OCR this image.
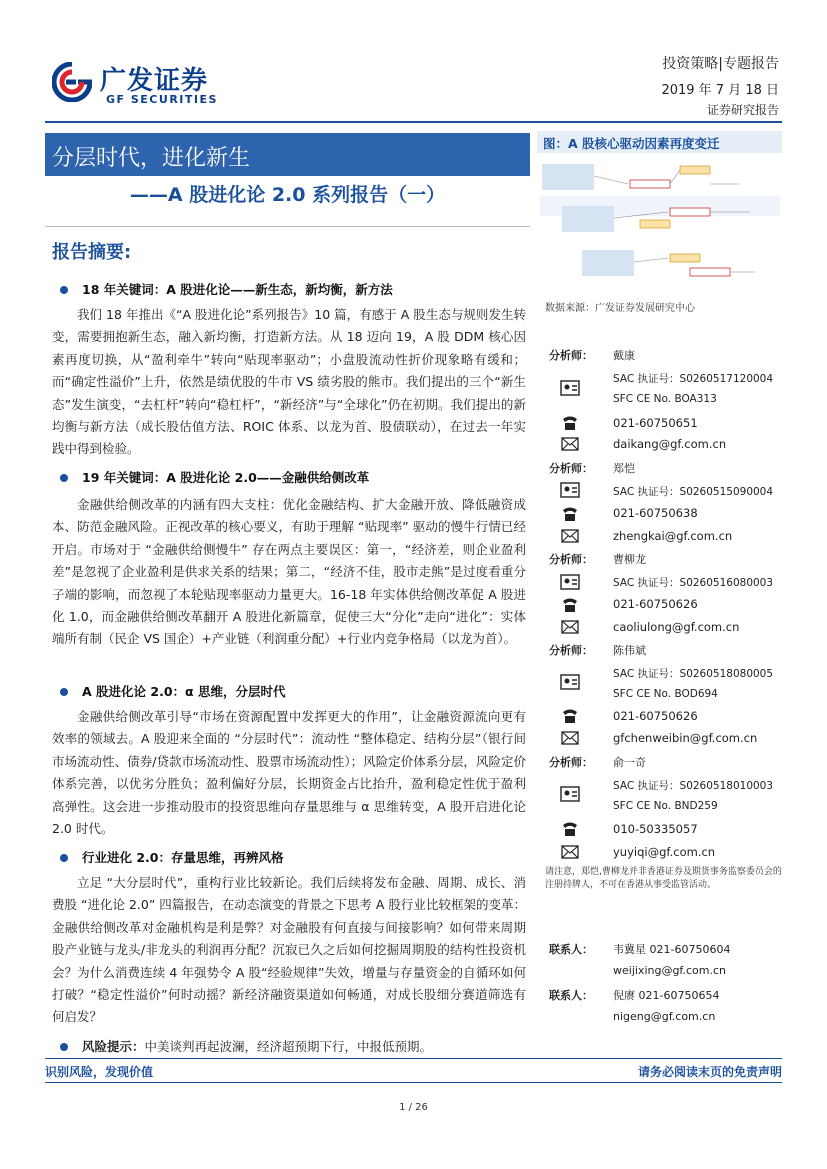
广发证券
GF SECURITIES
投资策略|专题报告
2019 年 7 月 18 日
证券研究报告
分层时代，进化新生
——A 股进化论 2.0 系列报告（一）
报告摘要:
18 年关键词：A 股进化论——新生态，新均衡，新方法
我们 18 年推出《“A 股进化论”系列报告》10 篇，有感于 A 股生态与规则发生转变，需要拥抱新生态，融入新均衡，打造新方法。从 18 迈向 19，A 股 DDM 核心因素再度切换，从“盈利牵牛”转向“贴现率驱动”；小盘股流动性折价现象略有缓和；而“确定性溢价”上升，依然是绩优股的牛市 VS 绩劣股的熊市。我们提出的三个“新生态”发生演变，“去杠杆”转向“稳杠杆”，“新经济”与“全球化”仍在初期。我们提出的新均衡与新方法（成长股估值方法、ROIC 体系、以龙为首、股债联动），在过去一年实践中得到检验。
19 年关键词：A 股进化论 2.0——金融供给侧改革
金融供给侧改革的内涵有四大支柱：优化金融结构、扩大金融开放、降低融资成本、防范金融风险。正视改革的核心要义，有助于理解 “贴现率” 驱动的慢牛行情已经开启。市场对于 “金融供给侧慢牛” 存在两点主要误区：第一，“经济差，则企业盈利差”是忽视了企业盈利是供求关系的结果；第二，“经济不佳，股市走熊”是过度看重分子端的影响，而忽视了本轮贴现率驱动力量更大。16-18 年实体供给侧改革促 A 股进化 1.0，而金融供给侧改革翻开 A 股进化新篇章，促使三大“分化”走向“进化”：实体端所有制（民企 VS 国企）+产业链（利润重分配）+行业内竞争格局（以龙为首）。
A 股进化论 2.0：α 思维，分层时代
金融供给侧改革引导“市场在资源配置中发挥更大的作用”，让金融资源流向更有效率的领域去。A 股迎来全面的 “分层时代”：流动性 “整体稳定、结构分层”（银行间市场流动性、债券/贷款市场流动性、股票市场流动性）；风险定价体系分层，风险定价体系完善，以优劣分胜负；盈利偏好分层，长期资金占比抬升，盈利稳定性优于盈利高弹性。这会进一步推动股市的投资思维向存量思维与 α 思维转变，A 股开启进化论 2.0 时代。
行业进化 2.0：存量思维，再辨风格
立足 “大分层时代”，重构行业比较新论。我们后续将发布金融、周期、成长、消费股 “进化论 2.0” 四篇报告，在动态演变的背景之下思考 A 股行业比较框架的变革：金融供给侧改革对金融机构是利是弊？对金融股有何直接与间接影响？如何带来周期股产业链与龙头/非龙头的利润再分配？沉寂已久之后如何挖掘周期股的结构性投资机会？为什么消费连续 4 年强势令 A 股“经验规律”失效，增量与存量资金的自循环如何打破？“稳定性溢价”何时动摇？新经济融资渠道如何畅通，对成长股细分赛道筛选有何启发？
风险提示：中美谈判再起波澜，经济超预期下行，中报低预期。
图：A 股核心驱动因素再度变迁
数据来源：广发证券发展研究中心
分析师： 戴康
SAC 执证号：S0260517120004
SFC CE No. BOA313
021-60750651
daikang@gf.com.cn
分析师： 郑恺
SAC 执证号：S0260515090004
021-60750638
zhengkai@gf.com.cn
分析师： 曹柳龙
SAC 执证号：S0260516080003
021-60750626
caoliulong@gf.com.cn
分析师： 陈伟斌
SAC 执证号：S0260518080005
SFC CE No. BOD694
021-60750626
gfchenweibin@gf.com.cn
分析师： 俞一奇
SAC 执证号：S0260518010003
SFC CE No. BND259
010-50335057
yuyiqi@gf.com.cn
请注意，郑恺,曹柳龙并非香港证券及期货事务监察委员会的注册持牌人，不可在香港从事受监管活动。
联系人： 韦冀星 021-60750604
weijixing@gf.com.cn
联系人： 倪赓 021-60750654
nigeng@gf.com.cn
识别风险，发现价值	请务必阅读末页的免责声明
1 / 26
